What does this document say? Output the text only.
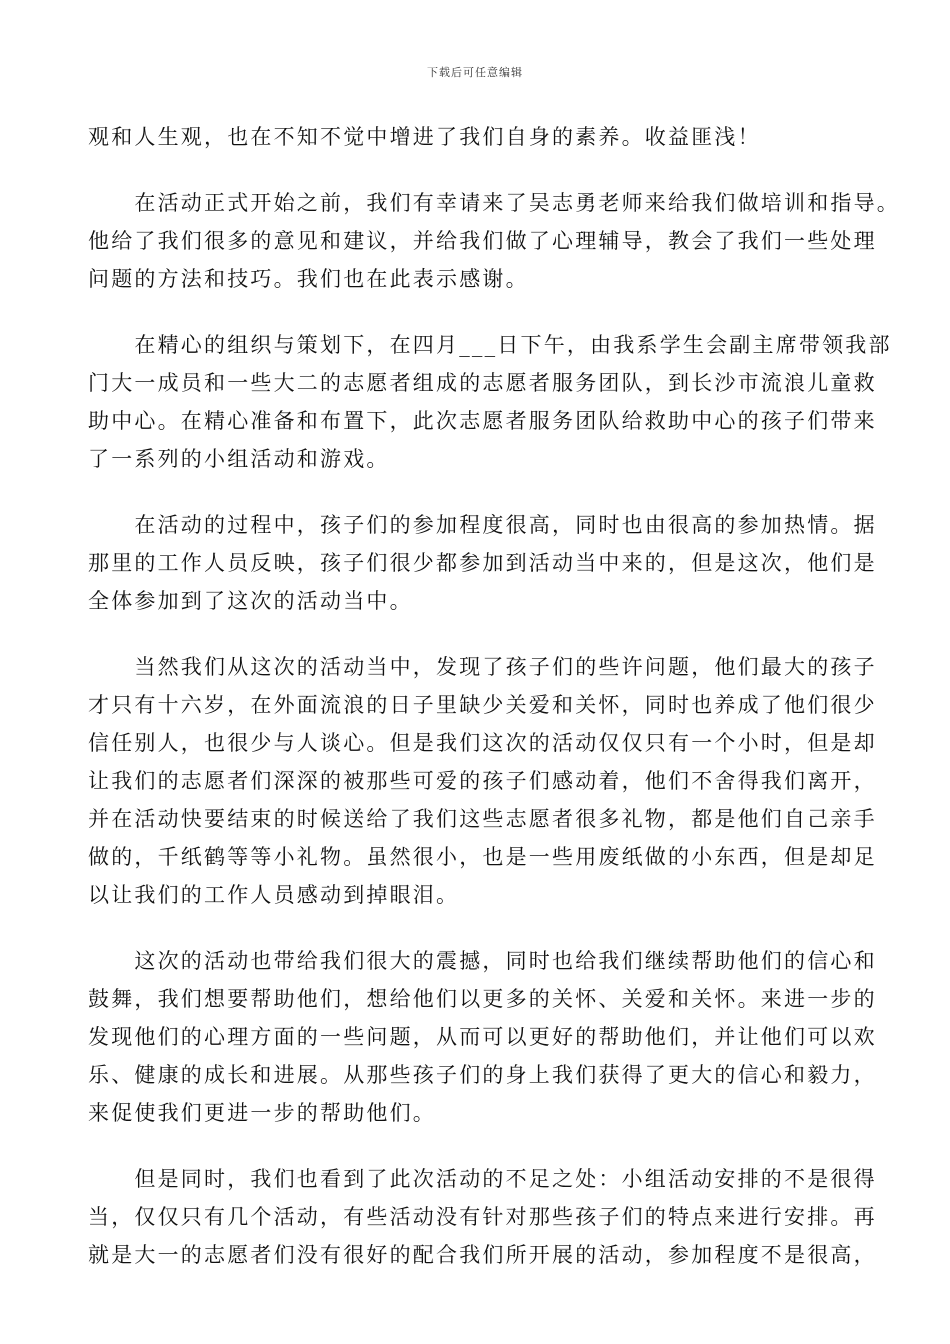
下载后可任意编辑
观和人生观，也在不知不觉中增进了我们自身的素养。收益匪浅！
　　在活动正式开始之前，我们有幸请来了吴志勇老师来给我们做培训和指导。
他给了我们很多的意见和建议，并给我们做了心理辅导，教会了我们一些处理
问题的方法和技巧。我们也在此表示感谢。
　　在精心的组织与策划下，在四月___日下午，由我系学生会副主席带领我部
门大一成员和一些大二的志愿者组成的志愿者服务团队，到长沙市流浪儿童救
助中心。在精心准备和布置下，此次志愿者服务团队给救助中心的孩子们带来
了一系列的小组活动和游戏。
　　在活动的过程中，孩子们的参加程度很高，同时也由很高的参加热情。据
那里的工作人员反映，孩子们很少都参加到活动当中来的，但是这次，他们是
全体参加到了这次的活动当中。
　　当然我们从这次的活动当中，发现了孩子们的些许问题，他们最大的孩子
才只有十六岁，在外面流浪的日子里缺少关爱和关怀，同时也养成了他们很少
信任别人，也很少与人谈心。但是我们这次的活动仅仅只有一个小时，但是却
让我们的志愿者们深深的被那些可爱的孩子们感动着，他们不舍得我们离开，
并在活动快要结束的时候送给了我们这些志愿者很多礼物，都是他们自己亲手
做的，千纸鹤等等小礼物。虽然很小，也是一些用废纸做的小东西，但是却足
以让我们的工作人员感动到掉眼泪。
　　这次的活动也带给我们很大的震撼，同时也给我们继续帮助他们的信心和
鼓舞，我们想要帮助他们，想给他们以更多的关怀、关爱和关怀。来进一步的
发现他们的心理方面的一些问题，从而可以更好的帮助他们，并让他们可以欢
乐、健康的成长和进展。从那些孩子们的身上我们获得了更大的信心和毅力，
来促使我们更进一步的帮助他们。
　　但是同时，我们也看到了此次活动的不足之处：小组活动安排的不是很得
当，仅仅只有几个活动，有些活动没有针对那些孩子们的特点来进行安排。再
就是大一的志愿者们没有很好的配合我们所开展的活动，参加程度不是很高，
